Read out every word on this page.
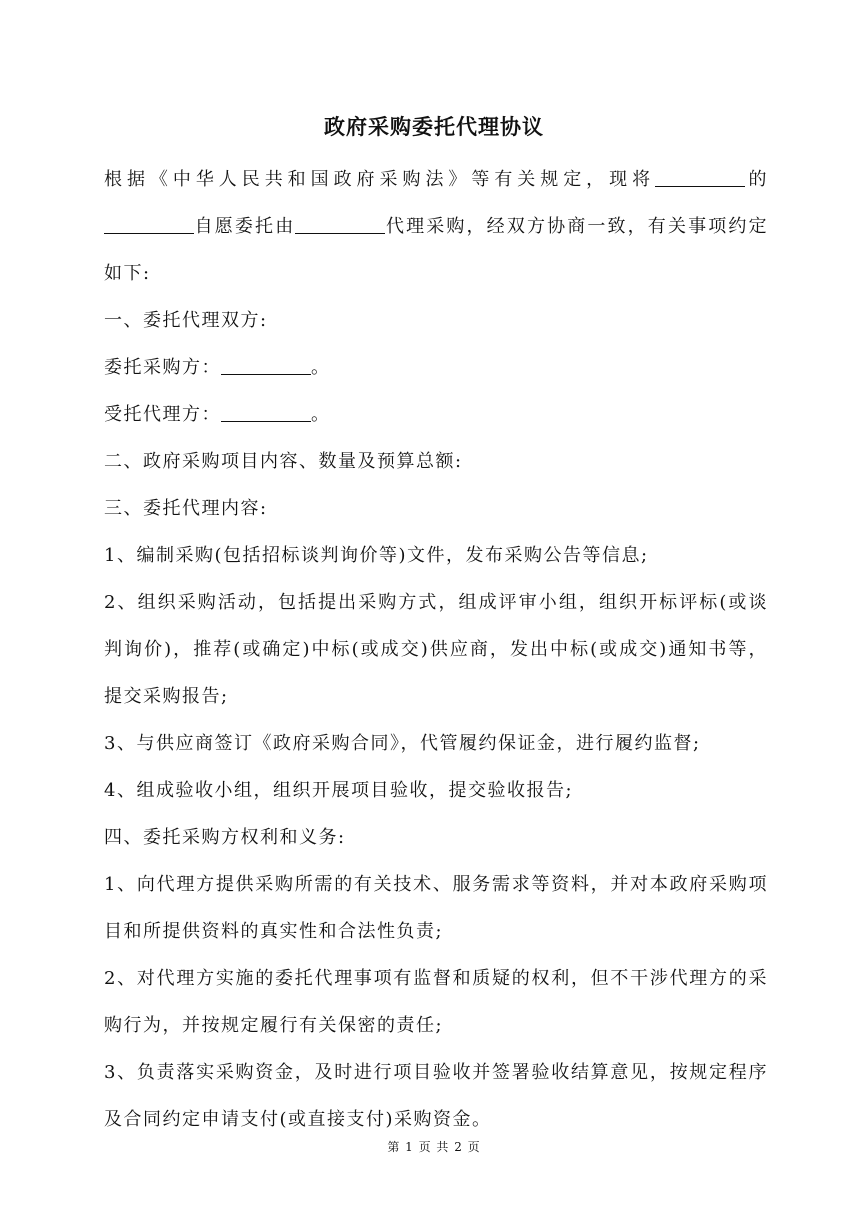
政府采购委托代理协议

根据《中华人民共和国政府采购法》等有关规定，现将	的自愿委托由	代理采购，经双方协商一致，有关事项约定如下:

一、委托代理双方:

委托采购方：	。

受托代理方：	。

二、政府采购项目内容、数量及预算总额:

三、委托代理内容:

1、编制采购(包括招标谈判询价等)文件，发布采购公告等信息;

2、组织采购活动，包括提出采购方式，组成评审小组，组织开标评标(或谈判询价)，推荐(或确定)中标(或成交)供应商，发出中标(或成交)通知书等，提交采购报告;

3、与供应商签订《政府采购合同》，代管履约保证金，进行履约监督;

4、组成验收小组，组织开展项目验收，提交验收报告;

四、委托采购方权利和义务:

1、向代理方提供采购所需的有关技术、服务需求等资料，并对本政府采购项目和所提供资料的真实性和合法性负责;

2、对代理方实施的委托代理事项有监督和质疑的权利，但不干涉代理方的采购行为，并按规定履行有关保密的责任;

3、负责落实采购资金，及时进行项目验收并签署验收结算意见，按规定程序及合同约定申请支付(或直接支付)采购资金。

第 1 页 共 2 页
